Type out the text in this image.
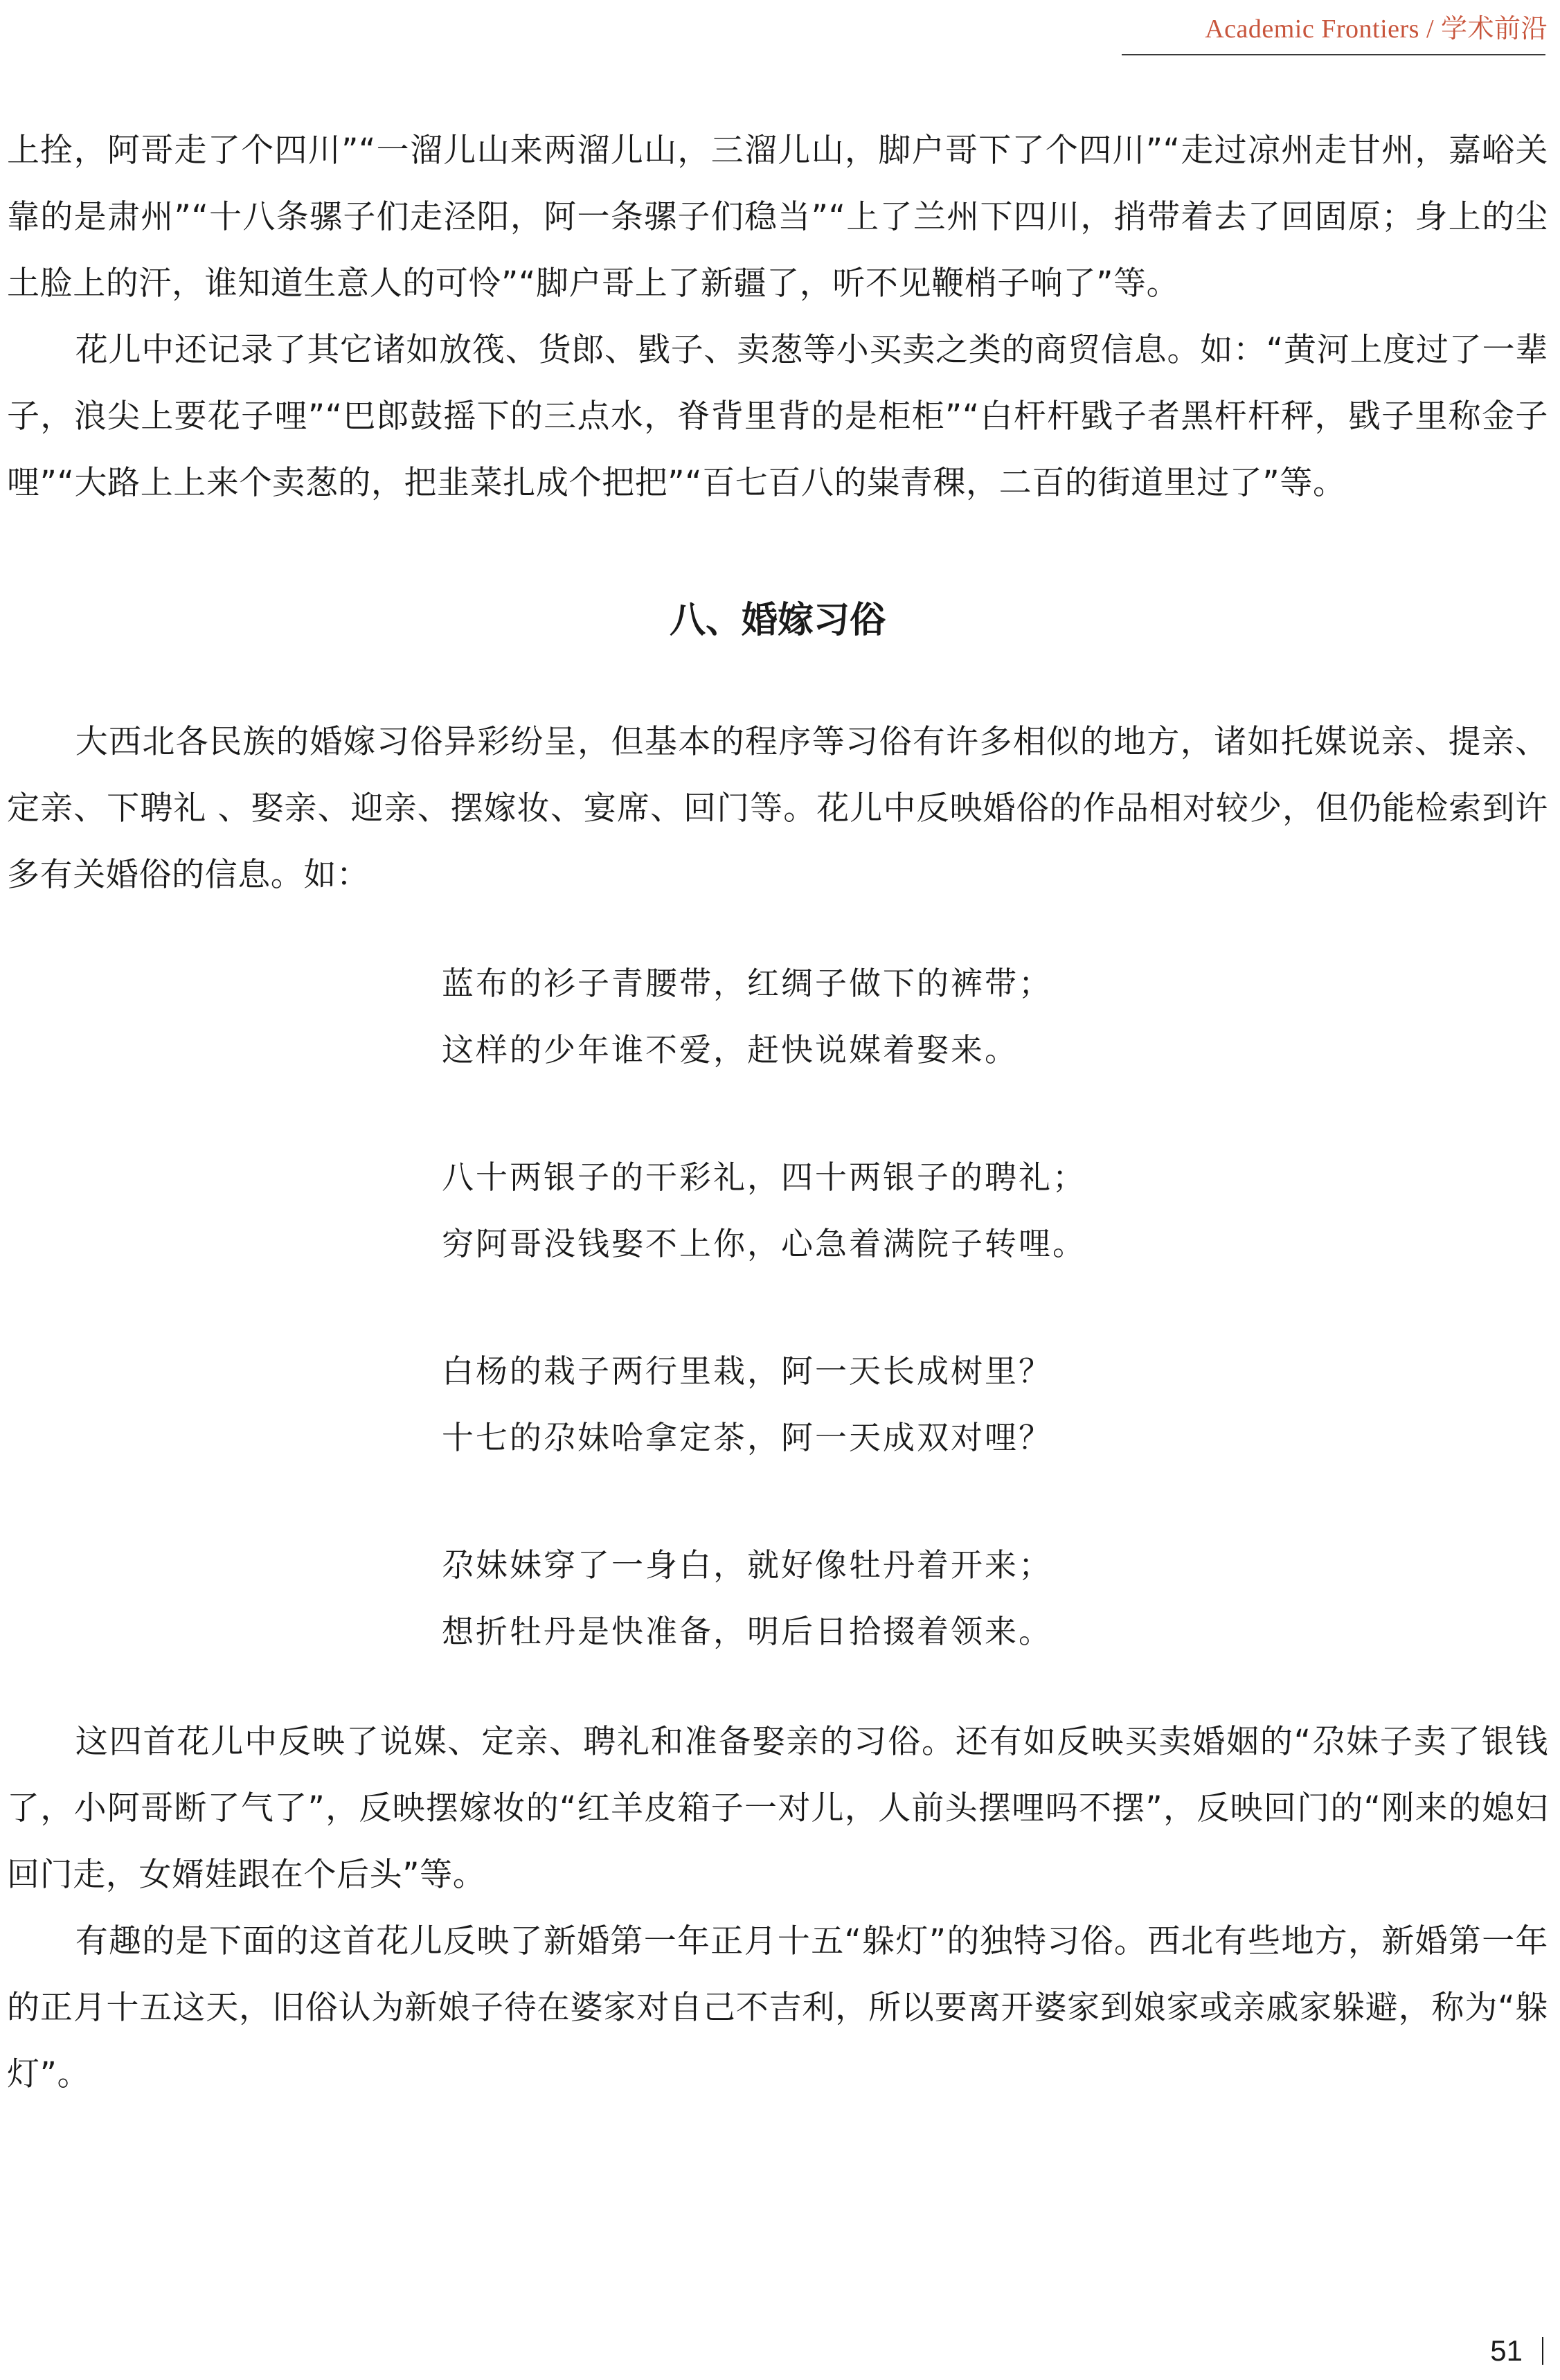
Academic Frontiers / 学术前沿

上拴，阿哥走了个四川”“一溜儿山来两溜儿山，三溜儿山，脚户哥下了个四川”“走过凉州走甘州，嘉峪关靠的是肃州”“十八条骡子们走泾阳，阿一条骡子们稳当”“上了兰州下四川，捎带着去了回固原；身上的尘土脸上的汗，谁知道生意人的可怜”“脚户哥上了新疆了，听不见鞭梢子响了”等。

花儿中还记录了其它诸如放筏、货郎、戥子、卖葱等小买卖之类的商贸信息。如：“黄河上度过了一辈子，浪尖上要花子哩”“巴郎鼓摇下的三点水，脊背里背的是柜柜”“白杆杆戥子者黑杆杆秤，戥子里称金子哩”“大路上上来个卖葱的，把韭菜扎成个把把”“百七百八的粜青稞，二百的街道里过了”等。

八、婚嫁习俗

大西北各民族的婚嫁习俗异彩纷呈，但基本的程序等习俗有许多相似的地方，诸如托媒说亲、提亲、定亲、下聘礼 、娶亲、迎亲、摆嫁妆、宴席、回门等。花儿中反映婚俗的作品相对较少，但仍能检索到许多有关婚俗的信息。如：

蓝布的衫子青腰带，红绸子做下的裤带；
这样的少年谁不爱，赶快说媒着娶来。
八十两银子的干彩礼，四十两银子的聘礼；
穷阿哥没钱娶不上你，心急着满院子转哩。
白杨的栽子两行里栽，阿一天长成树里？
十七的尕妹哈拿定茶，阿一天成双对哩？
尕妹妹穿了一身白，就好像牡丹着开来；
想折牡丹是快准备，明后日拾掇着领来。

这四首花儿中反映了说媒、定亲、聘礼和准备娶亲的习俗。还有如反映买卖婚姻的“尕妹子卖了银钱了，小阿哥断了气了”，反映摆嫁妆的“红羊皮箱子一对儿，人前头摆哩吗不摆”，反映回门的“刚来的媳妇回门走，女婿娃跟在个后头”等。

有趣的是下面的这首花儿反映了新婚第一年正月十五“躲灯”的独特习俗。西北有些地方，新婚第一年的正月十五这天，旧俗认为新娘子待在婆家对自己不吉利，所以要离开婆家到娘家或亲戚家躲避，称为“躲灯”。

51
